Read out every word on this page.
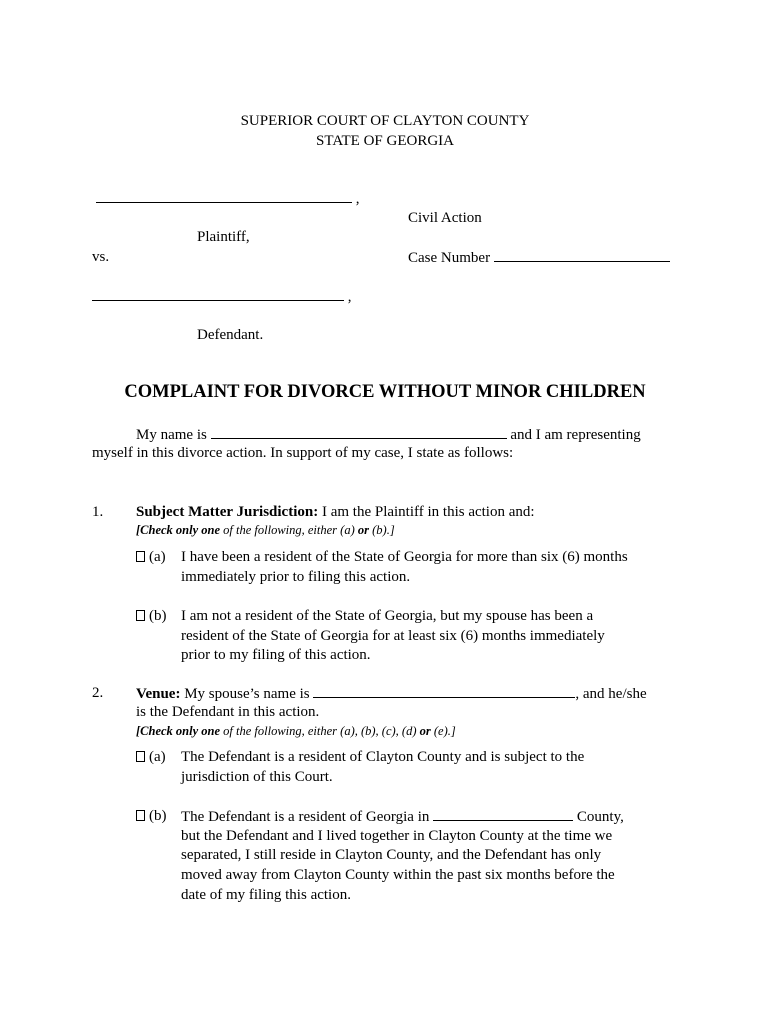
SUPERIOR COURT OF CLAYTON COUNTY
STATE OF GEORGIA
,
Plaintiff,
vs.
,
Defendant.
Civil Action
Case Number
COMPLAINT FOR DIVORCE WITHOUT MINOR CHILDREN
My name is	and I am representing
myself in this divorce action. In support of my case, I state as follows:
1. Subject Matter Jurisdiction: I am the Plaintiff in this action and:
[Check only one of the following, either (a) or (b).]
(a) I have been a resident of the State of Georgia for more than six (6) months
immediately prior to filing this action.
(b) I am not a resident of the State of Georgia, but my spouse has been a
resident of the State of Georgia for at least six (6) months immediately
prior to my filing of this action.
2. Venue: My spouse’s name is	, and he/she
is the Defendant in this action.
[Check only one of the following, either (a), (b), (c), (d) or (e).]
(a) The Defendant is a resident of Clayton County and is subject to the
jurisdiction of this Court.
(b) The Defendant is a resident of Georgia in	County,
but the Defendant and I lived together in Clayton County at the time we
separated, I still reside in Clayton County, and the Defendant has only
moved away from Clayton County within the past six months before the
date of my filing this action.
